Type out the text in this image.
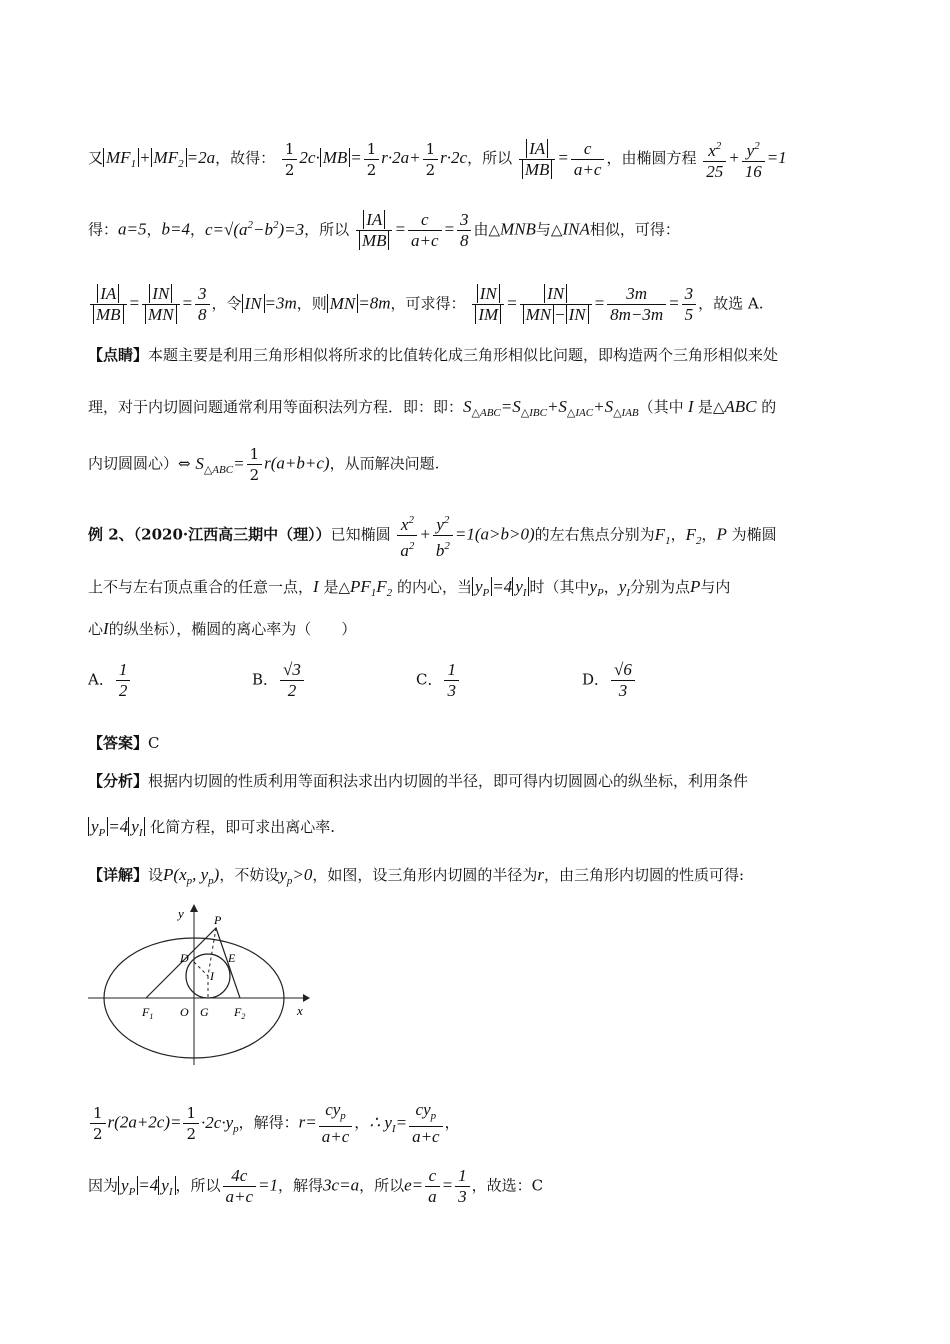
又 $MF_1 + MF_2 =2a$，故得： $\frac{1}{2} 2c\cdot$ MB = $\frac{1}{2} r\cdot 2a+ \frac{1}{2} r\cdot 2c$，所以 $\frac{IA}{MB} = \frac{c}{a+c}$ ，由椭圆方程 $\frac{x^2}{25} + \frac{y^2}{16} =1$
得：a=5，b=4，$c=√(a^2-b^2)=3$，所以 $\frac{IA}{MB} = \frac{c}{a+c} = \frac{3}{8}$ 由△MNB与△INA相似，可得：
$\frac{IA}{MB} = \frac{IN}{MN} = \frac{3}{8}$ ，令 IN =3m，则 MN =8m，可求得： $\frac{IN}{IM} = \frac{IN}{MN - IN} = \frac{3m}{8m-3m} = \frac{3}{5}$ ，故选 A.
【点睛】本题主要是利用三角形相似将所求的比值转化成三角形相似比问题，即构造两个三角形相似来处
理，对于内切圆问题通常利用等面积法列方程．即：即：$S_{\triangle ABC}=S_{\triangle IBC}+S_{\triangle IAC}+S_{\triangle IAB}$（其中 I 是△ABC 的
内切圆圆心）⇔ $S_{\triangle ABC}= \frac{1}{2} r(a+b+c)$，从而解决问题.
例 2、（2020·江西高三期中（理））已知椭圆 $\frac{x^2}{a^2} + \frac{y^2}{b^2} =1(a>b>0)$的左右焦点分别为$F_1$，$F_2$，P 为椭圆
上不与左右顶点重合的任意一点，I 是$\triangle PF_1F_2$ 的内心，当 $y_P =4$ $y_I$ 时（其中$y_P$，$y_I$分别为点P与内
心I的纵坐标），椭圆的离心率为（　　）
A． $\frac{1}{2}$	B． $\frac{√3}{2}$	C． $\frac{1}{3}$	D． $\frac{√6}{3}$
【答案】C
【分析】根据内切圆的性质利用等面积法求出内切圆的半径，即可得内切圆圆心的纵坐标，利用条件
$y_P =4$ $y_I$ 化简方程，即可求出离心率.
【详解】设$P(x_p$, $y_p$)，不妨设$y_p>0$，如图，设三角形内切圆的半径为r，由三角形内切圆的性质可得:
y
x
P
D	E
I
O G
$F_1$	$F_2$
$\frac{1}{2} r(2a+2c)= \frac{1}{2} \cdot 2c\cdot y_p$，解得：$r= \frac{cy_p}{a+c}$ ，∴ $y_I= \frac{cy_p}{a+c}$ ，
因为 $y_P =4$ $y_I$ ，所以 $\frac{4c}{a+c} =1$，解得3c=a，所以$e= \frac{c}{a} = \frac{1}{3}$ ，故选：C
